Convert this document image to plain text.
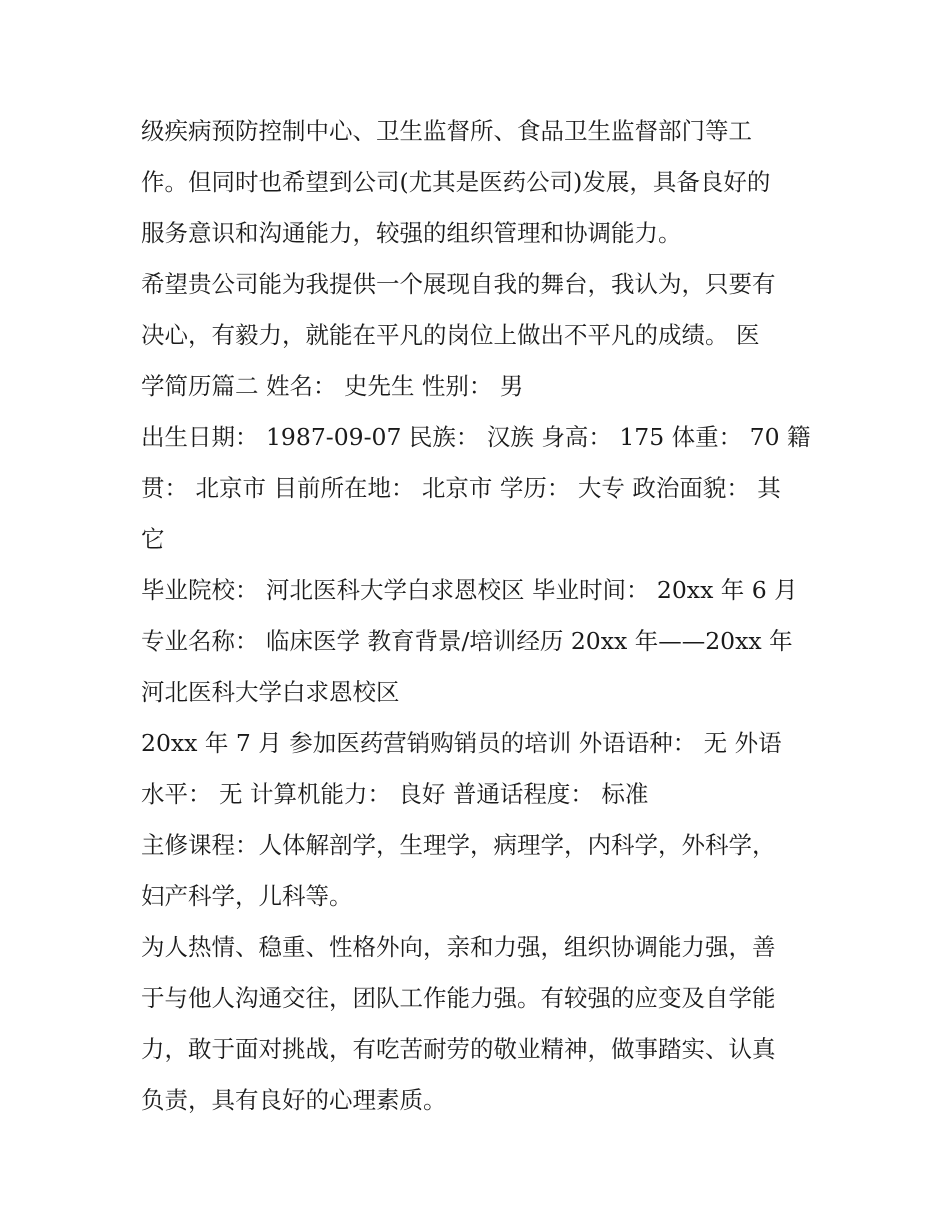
级疾病预防控制中心、卫生监督所、食品卫生监督部门等工
作。但同时也希望到公司(尤其是医药公司)发展，具备良好的
服务意识和沟通能力，较强的组织管理和协调能力。
希望贵公司能为我提供一个展现自我的舞台，我认为，只要有
决心，有毅力，就能在平凡的岗位上做出不平凡的成绩。 医
学简历篇二 姓名： 史先生 性别： 男
出生日期： 1987-09-07 民族： 汉族 身高： 175 体重： 70 籍
贯： 北京市 目前所在地： 北京市 学历： 大专 政治面貌： 其
它
毕业院校： 河北医科大学白求恩校区 毕业时间： 20xx 年 6 月
专业名称： 临床医学 教育背景/培训经历 20xx 年——20xx 年
河北医科大学白求恩校区
20xx 年 7 月 参加医药营销购销员的培训 外语语种： 无 外语
水平： 无 计算机能力： 良好 普通话程度： 标准
主修课程：人体解剖学，生理学，病理学，内科学，外科学，
妇产科学，儿科等。
为人热情、稳重、性格外向，亲和力强，组织协调能力强，善
于与他人沟通交往，团队工作能力强。有较强的应变及自学能
力，敢于面对挑战，有吃苦耐劳的敬业精神，做事踏实、认真
负责，具有良好的心理素质。
